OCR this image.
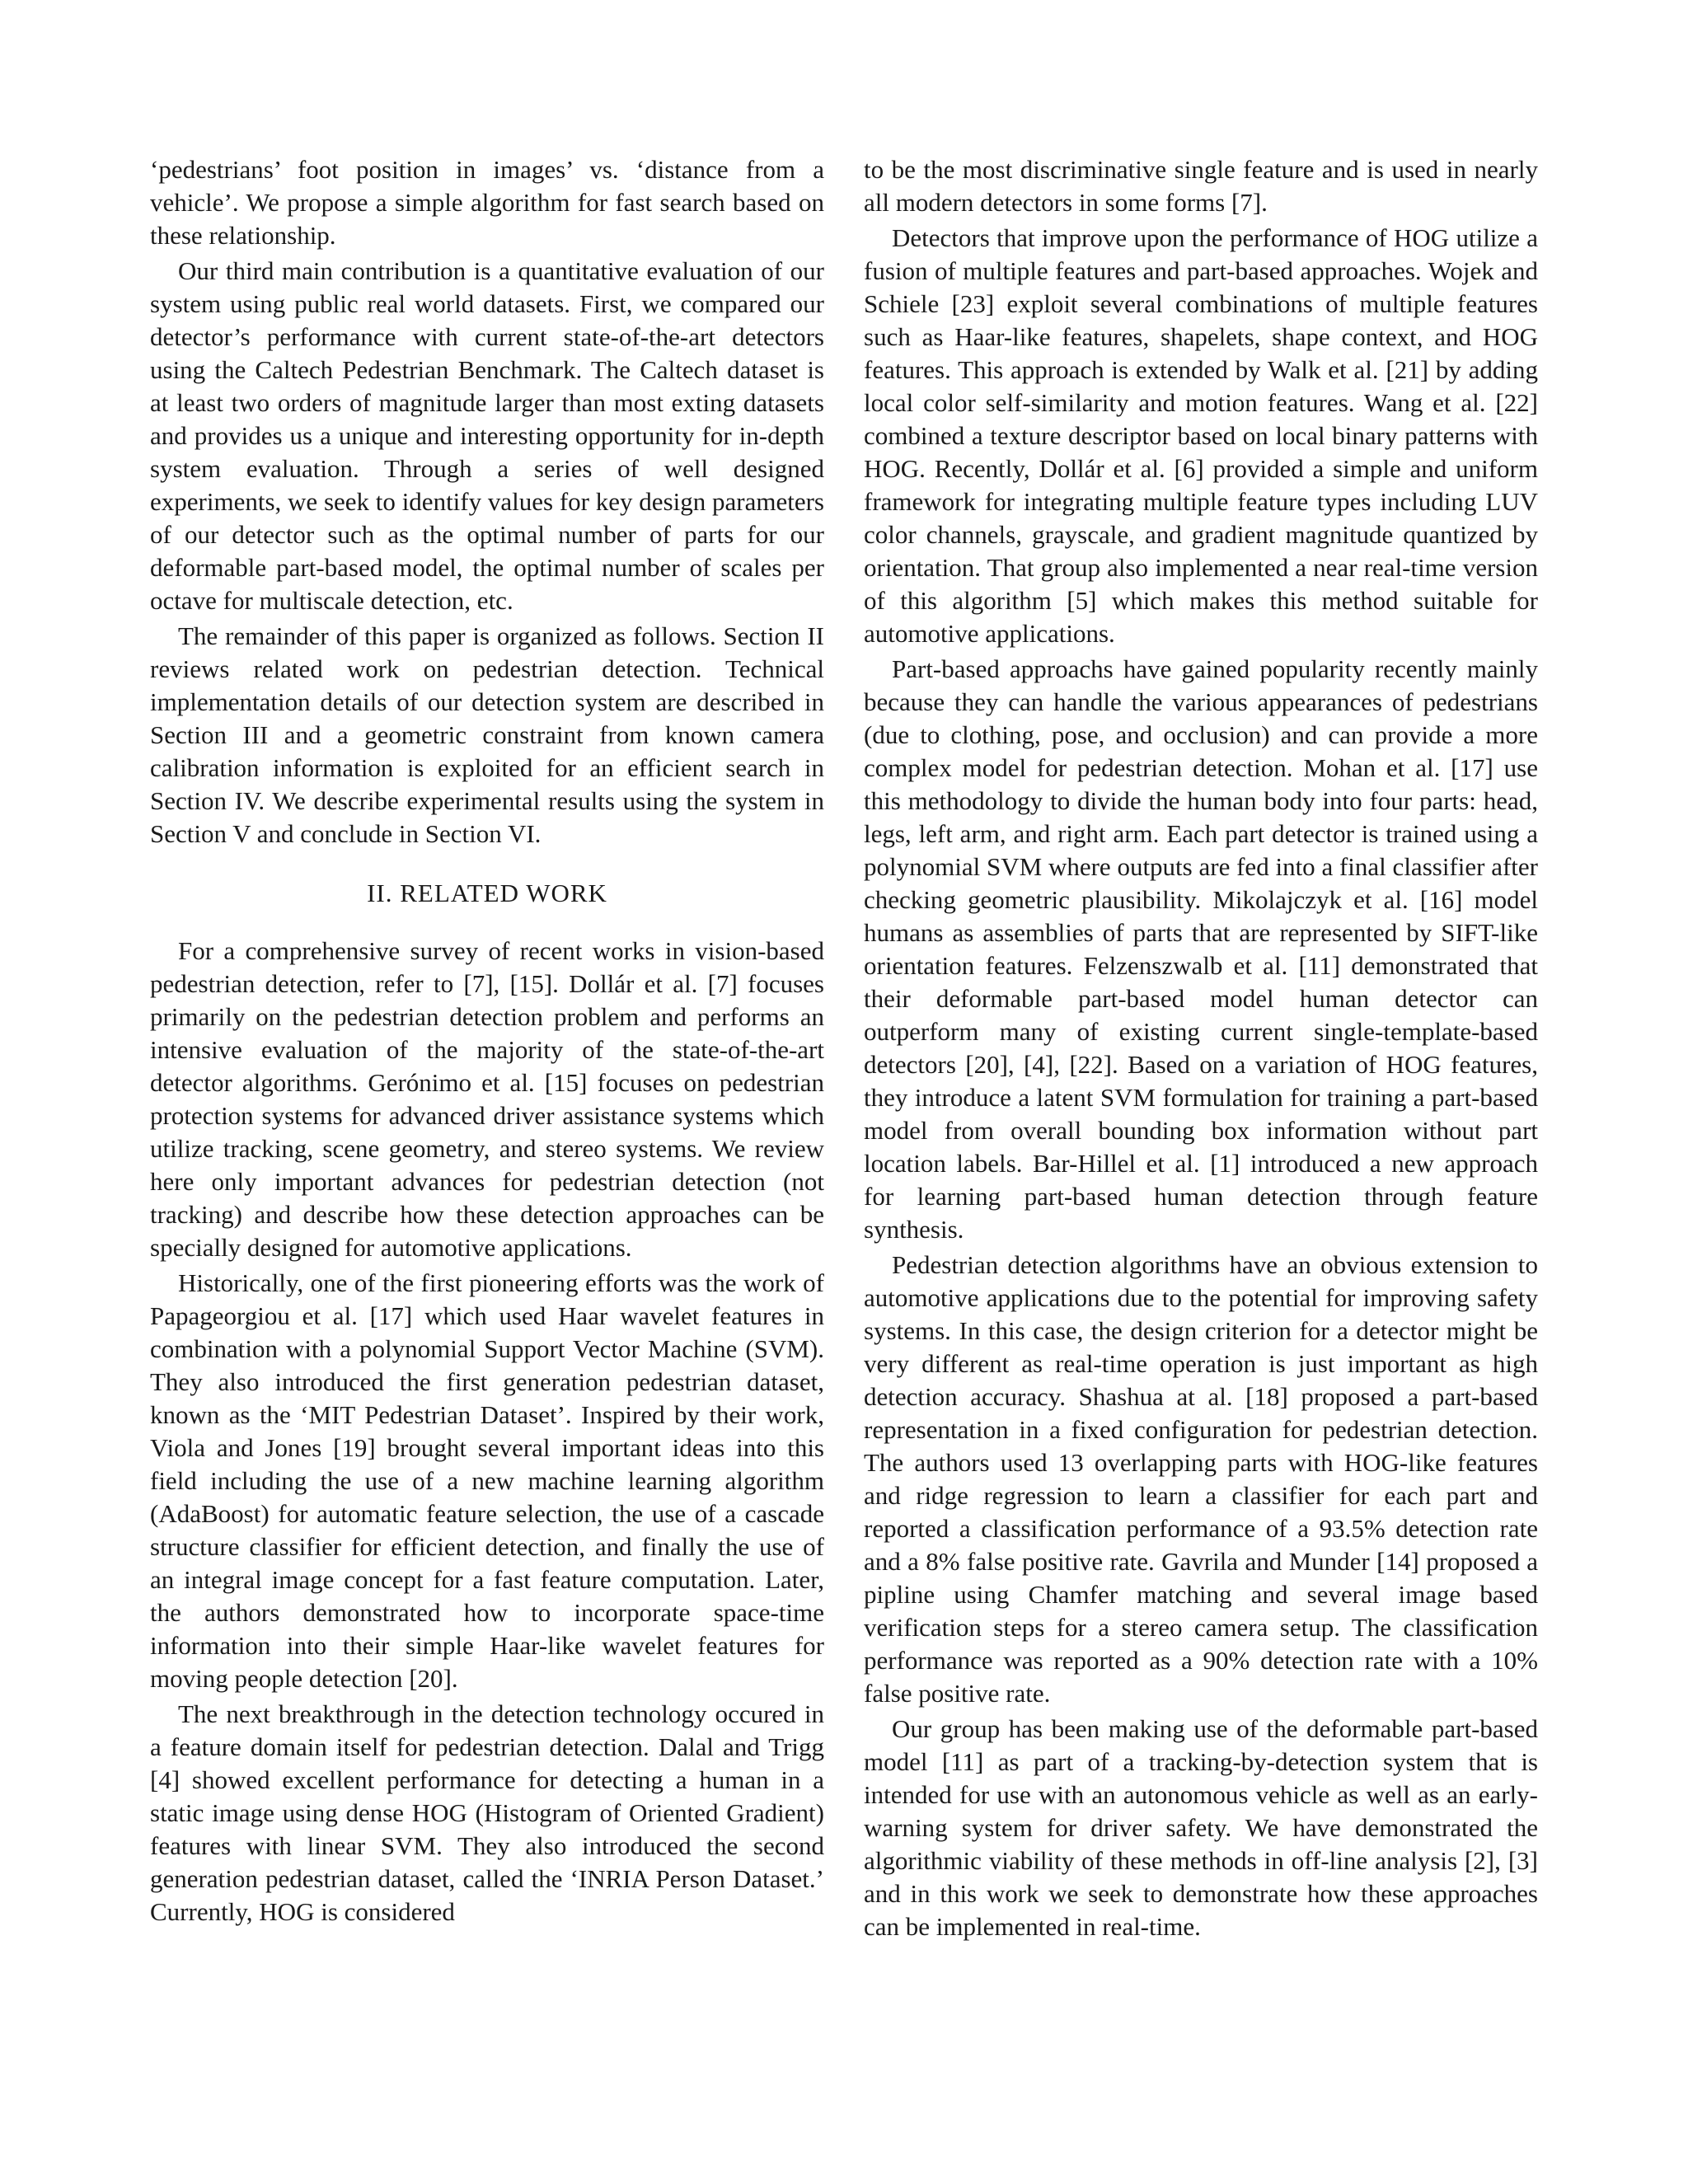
‘pedestrians’ foot position in images’ vs. ‘distance from a vehicle’. We propose a simple algorithm for fast search based on these relationship.

Our third main contribution is a quantitative evaluation of our system using public real world datasets. First, we compared our detector’s performance with current state-of-the-art detectors using the Caltech Pedestrian Benchmark. The Caltech dataset is at least two orders of magnitude larger than most exting datasets and provides us a unique and interesting opportunity for in-depth system evaluation. Through a series of well designed experiments, we seek to identify values for key design parameters of our detector such as the optimal number of parts for our deformable part-based model, the optimal number of scales per octave for multiscale detection, etc.

The remainder of this paper is organized as follows. Section II reviews related work on pedestrian detection. Technical implementation details of our detection system are described in Section III and a geometric constraint from known camera calibration information is exploited for an efficient search in Section IV. We describe experimental results using the system in Section V and conclude in Section VI.

II. RELATED WORK

For a comprehensive survey of recent works in vision-based pedestrian detection, refer to [7], [15]. Dollár et al. [7] focuses primarily on the pedestrian detection problem and performs an intensive evaluation of the majority of the state-of-the-art detector algorithms. Gerónimo et al. [15] focuses on pedestrian protection systems for advanced driver assistance systems which utilize tracking, scene geometry, and stereo systems. We review here only important advances for pedestrian detection (not tracking) and describe how these detection approaches can be specially designed for automotive applications.

Historically, one of the first pioneering efforts was the work of Papageorgiou et al. [17] which used Haar wavelet features in combination with a polynomial Support Vector Machine (SVM). They also introduced the first generation pedestrian dataset, known as the ‘MIT Pedestrian Dataset’. Inspired by their work, Viola and Jones [19] brought several important ideas into this field including the use of a new machine learning algorithm (AdaBoost) for automatic feature selection, the use of a cascade structure classifier for efficient detection, and finally the use of an integral image concept for a fast feature computation. Later, the authors demonstrated how to incorporate space-time information into their simple Haar-like wavelet features for moving people detection [20].

The next breakthrough in the detection technology occured in a feature domain itself for pedestrian detection. Dalal and Trigg [4] showed excellent performance for detecting a human in a static image using dense HOG (Histogram of Oriented Gradient) features with linear SVM. They also introduced the second generation pedestrian dataset, called the ‘INRIA Person Dataset.’ Currently, HOG is considered

to be the most discriminative single feature and is used in nearly all modern detectors in some forms [7].

Detectors that improve upon the performance of HOG utilize a fusion of multiple features and part-based approaches. Wojek and Schiele [23] exploit several combinations of multiple features such as Haar-like features, shapelets, shape context, and HOG features. This approach is extended by Walk et al. [21] by adding local color self-similarity and motion features. Wang et al. [22] combined a texture descriptor based on local binary patterns with HOG. Recently, Dollár et al. [6] provided a simple and uniform framework for integrating multiple feature types including LUV color channels, grayscale, and gradient magnitude quantized by orientation. That group also implemented a near real-time version of this algorithm [5] which makes this method suitable for automotive applications.

Part-based approachs have gained popularity recently mainly because they can handle the various appearances of pedestrians (due to clothing, pose, and occlusion) and can provide a more complex model for pedestrian detection. Mohan et al. [17] use this methodology to divide the human body into four parts: head, legs, left arm, and right arm. Each part detector is trained using a polynomial SVM where outputs are fed into a final classifier after checking geometric plausibility. Mikolajczyk et al. [16] model humans as assemblies of parts that are represented by SIFT-like orientation features. Felzenszwalb et al. [11] demonstrated that their deformable part-based model human detector can outperform many of existing current single-template-based detectors [20], [4], [22]. Based on a variation of HOG features, they introduce a latent SVM formulation for training a part-based model from overall bounding box information without part location labels. Bar-Hillel et al. [1] introduced a new approach for learning part-based human detection through feature synthesis.

Pedestrian detection algorithms have an obvious extension to automotive applications due to the potential for improving safety systems. In this case, the design criterion for a detector might be very different as real-time operation is just important as high detection accuracy. Shashua at al. [18] proposed a part-based representation in a fixed configuration for pedestrian detection. The authors used 13 overlapping parts with HOG-like features and ridge regression to learn a classifier for each part and reported a classification performance of a 93.5% detection rate and a 8% false positive rate. Gavrila and Munder [14] proposed a pipline using Chamfer matching and several image based verification steps for a stereo camera setup. The classification performance was reported as a 90% detection rate with a 10% false positive rate.

Our group has been making use of the deformable part-based model [11] as part of a tracking-by-detection system that is intended for use with an autonomous vehicle as well as an early-warning system for driver safety. We have demonstrated the algorithmic viability of these methods in off-line analysis [2], [3] and in this work we seek to demonstrate how these approaches can be implemented in real-time.
